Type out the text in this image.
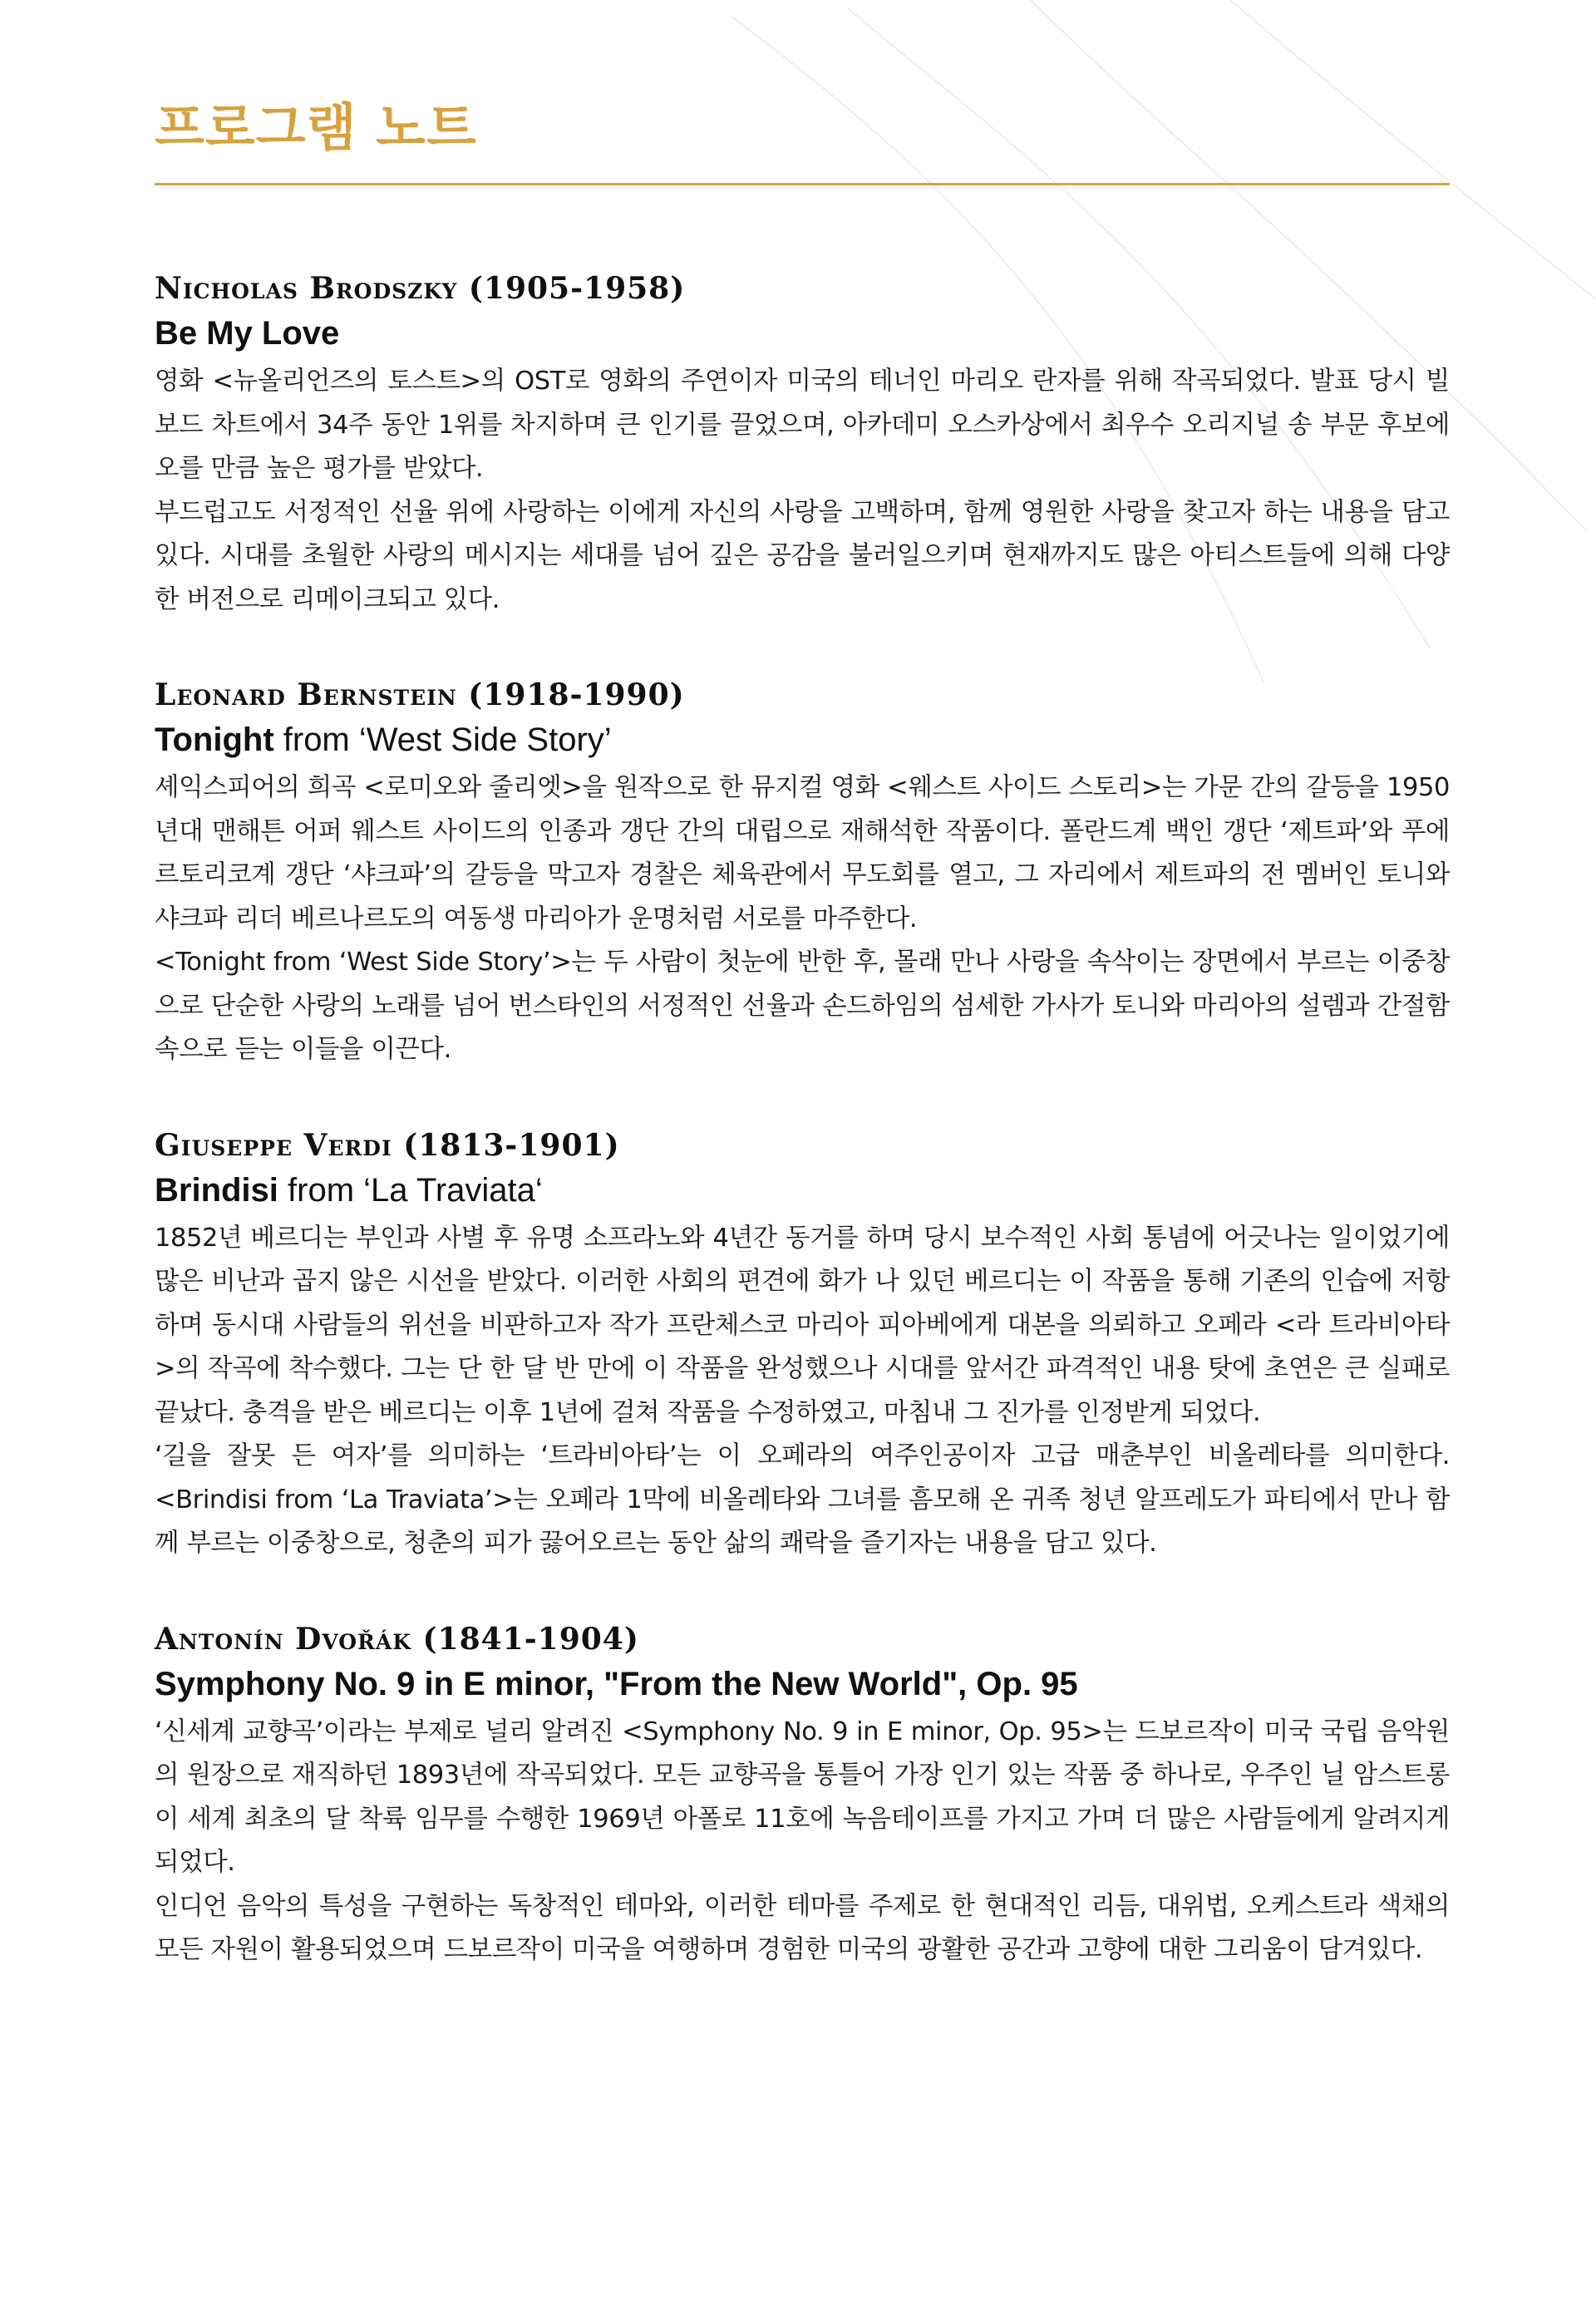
프로그램 노트
Nicholas Brodszky (1905-1958)

Be My Love

영화 <뉴올리언즈의 토스트>의 OST로 영화의 주연이자 미국의 테너인 마리오 란자를 위해 작곡되었다. 발표 당시 빌보드 차트에서 34주 동안 1위를 차지하며 큰 인기를 끌었으며, 아카데미 오스카상에서 최우수 오리지널 송 부문 후보에 오를 만큼 높은 평가를 받았다.

부드럽고도 서정적인 선율 위에 사랑하는 이에게 자신의 사랑을 고백하며, 함께 영원한 사랑을 찾고자 하는 내용을 담고 있다. 시대를 초월한 사랑의 메시지는 세대를 넘어 깊은 공감을 불러일으키며 현재까지도 많은 아티스트들에 의해 다양한 버전으로 리메이크되고 있다.

Leonard Bernstein (1918-1990)

Tonight from ‘West Side Story’

셰익스피어의 희곡 <로미오와 줄리엣>을 원작으로 한 뮤지컬 영화 <웨스트 사이드 스토리>는 가문 간의 갈등을 1950년대 맨해튼 어퍼 웨스트 사이드의 인종과 갱단 간의 대립으로 재해석한 작품이다. 폴란드계 백인 갱단 ‘제트파’와 푸에르토리코계 갱단 ‘샤크파’의 갈등을 막고자 경찰은 체육관에서 무도회를 열고, 그 자리에서 제트파의 전 멤버인 토니와 샤크파 리더 베르나르도의 여동생 마리아가 운명처럼 서로를 마주한다.

<Tonight from ‘West Side Story’>는 두 사람이 첫눈에 반한 후, 몰래 만나 사랑을 속삭이는 장면에서 부르는 이중창으로 단순한 사랑의 노래를 넘어 번스타인의 서정적인 선율과 손드하임의 섬세한 가사가 토니와 마리아의 설렘과 간절함 속으로 듣는 이들을 이끈다.

Giuseppe Verdi (1813-1901)

Brindisi from ‘La Traviata‘

1852년 베르디는 부인과 사별 후 유명 소프라노와 4년간 동거를 하며 당시 보수적인 사회 통념에 어긋나는 일이었기에 많은 비난과 곱지 않은 시선을 받았다. 이러한 사회의 편견에 화가 나 있던 베르디는 이 작품을 통해 기존의 인습에 저항하며 동시대 사람들의 위선을 비판하고자 작가 프란체스코 마리아 피아베에게 대본을 의뢰하고 오페라 <라 트라비아타>의 작곡에 착수했다. 그는 단 한 달 반 만에 이 작품을 완성했으나 시대를 앞서간 파격적인 내용 탓에 초연은 큰 실패로 끝났다. 충격을 받은 베르디는 이후 1년에 걸쳐 작품을 수정하였고, 마침내 그 진가를 인정받게 되었다.

‘길을 잘못 든 여자’를 의미하는 ‘트라비아타’는 이 오페라의 여주인공이자 고급 매춘부인 비올레타를 의미한다. <Brindisi from ‘La Traviata’>는 오페라 1막에 비올레타와 그녀를 흠모해 온 귀족 청년 알프레도가 파티에서 만나 함께 부르는 이중창으로, 청춘의 피가 끓어오르는 동안 삶의 쾌락을 즐기자는 내용을 담고 있다.

Antonín Dvořák (1841-1904)

Symphony No. 9 in E minor, "From the New World", Op. 95

‘신세계 교향곡’이라는 부제로 널리 알려진 <Symphony No. 9 in E minor, Op. 95>는 드보르작이 미국 국립 음악원의 원장으로 재직하던 1893년에 작곡되었다. 모든 교향곡을 통틀어 가장 인기 있는 작품 중 하나로, 우주인 닐 암스트롱이 세계 최초의 달 착륙 임무를 수행한 1969년 아폴로 11호에 녹음테이프를 가지고 가며 더 많은 사람들에게 알려지게 되었다.

인디언 음악의 특성을 구현하는 독창적인 테마와, 이러한 테마를 주제로 한 현대적인 리듬, 대위법, 오케스트라 색채의 모든 자원이 활용되었으며 드보르작이 미국을 여행하며 경험한 미국의 광활한 공간과 고향에 대한 그리움이 담겨있다.
